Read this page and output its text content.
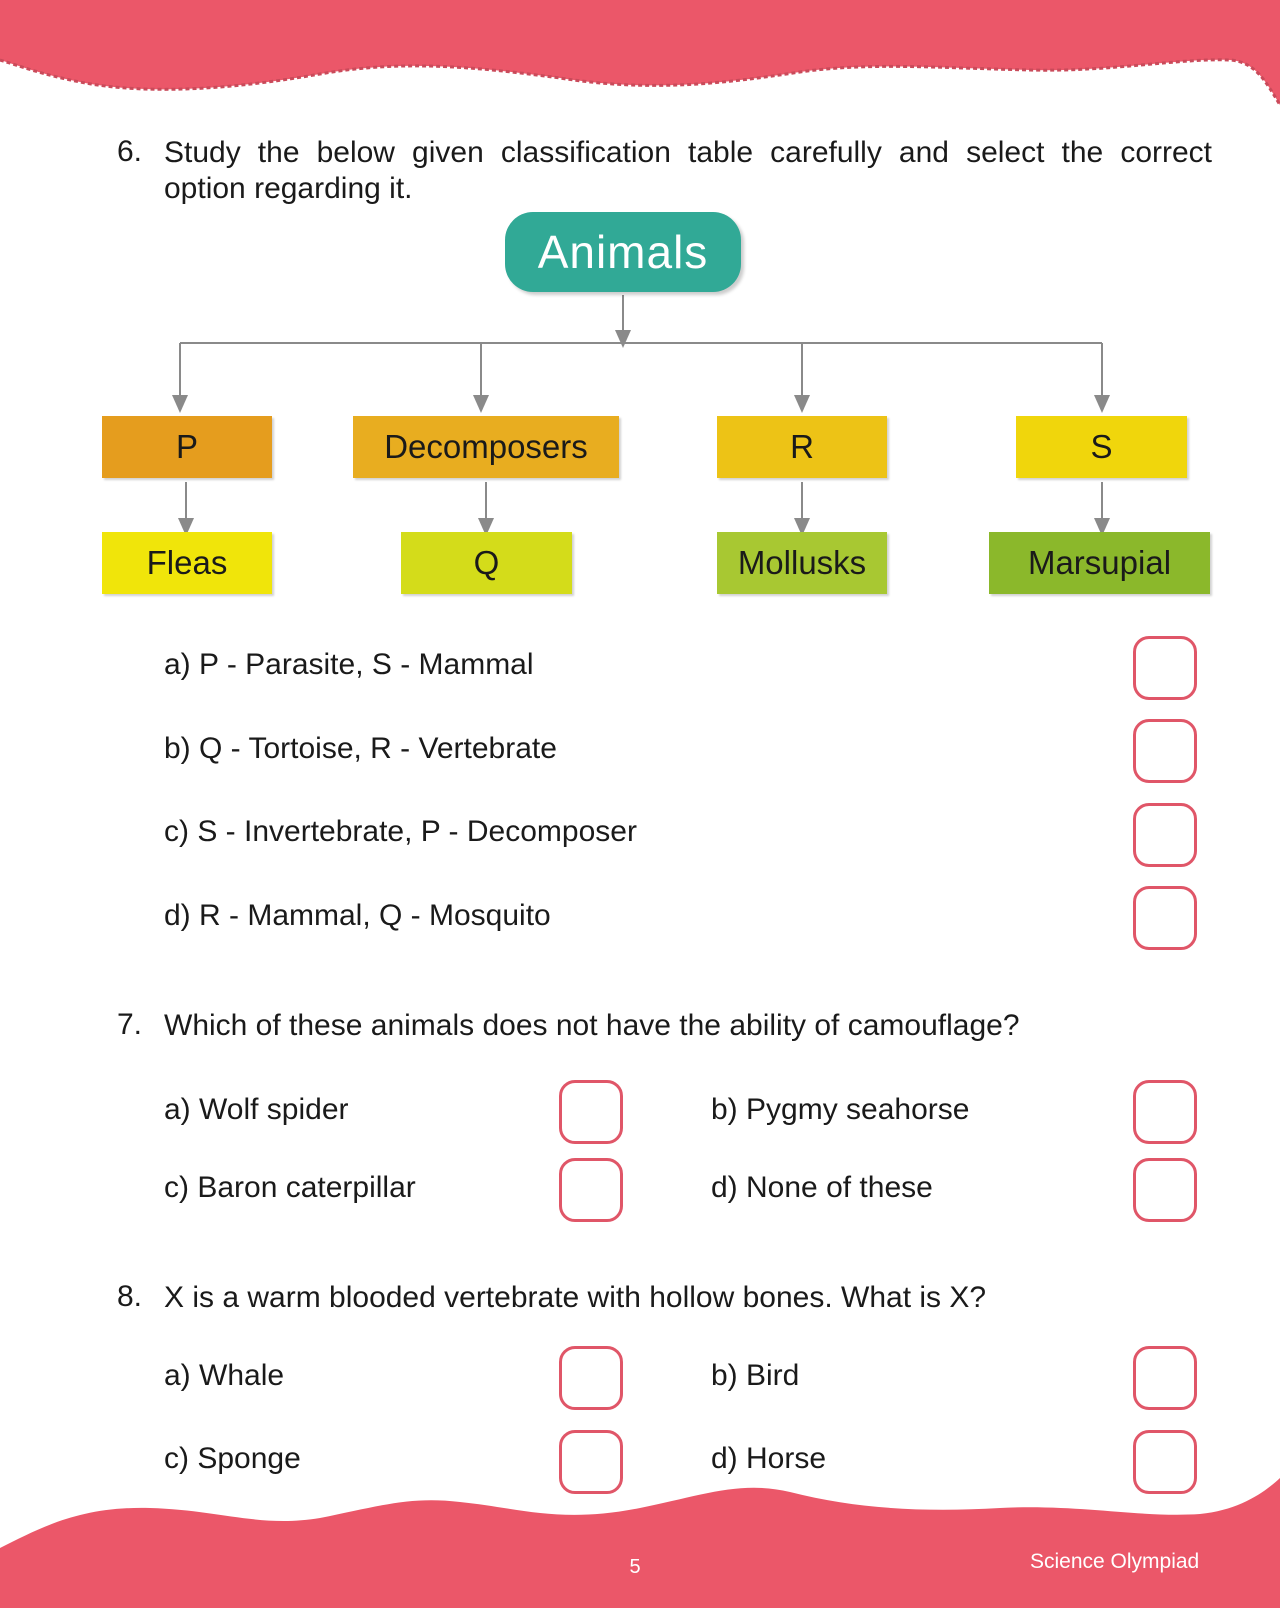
6. Study the below given classification table carefully and select the correct
option regarding it.
Animals
P	Decomposers	R	S
Fleas	Q	Mollusks	Marsupial
a) P - Parasite, S - Mammal
b) Q - Tortoise, R - Vertebrate
c) S - Invertebrate, P - Decomposer
d) R - Mammal, Q - Mosquito
7. Which of these animals does not have the ability of camouflage?
a) Wolf spider	b) Pygmy seahorse
c) Baron caterpillar	d) None of these
8. X is a warm blooded vertebrate with hollow bones. What is X?
a) Whale	b) Bird
c) Sponge	d) Horse
5	Science Olympiad
